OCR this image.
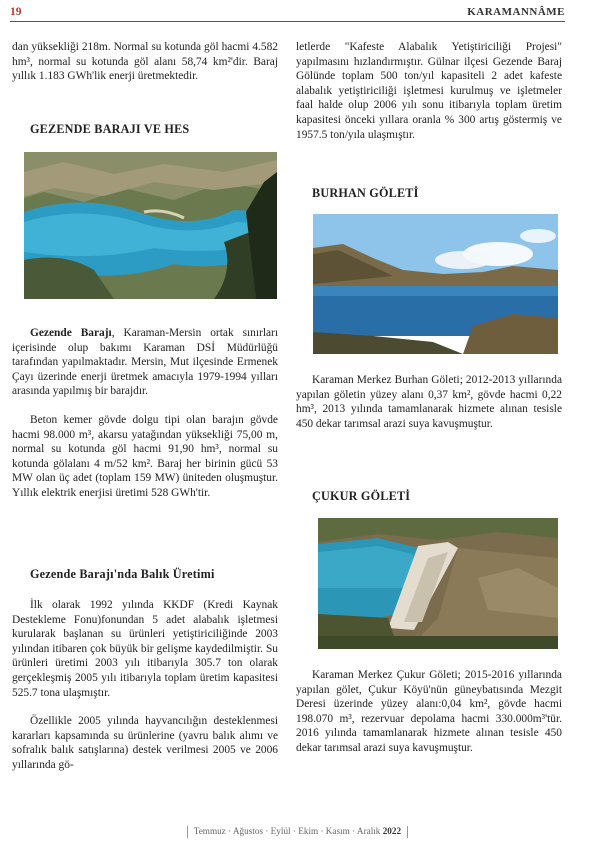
19	KARAMANNÂME

dan yüksekliği 218m. Normal su kotunda göl hacmi 4.582 hm³, normal su kotunda göl alanı 58,74 km²'dir. Baraj yıllık 1.183 GWh'lik enerji üretmektedir.

GEZENDE BARAJI VE HES

Gezende Barajı, Karaman-Mersin ortak sınırları içerisinde olup bakımı Karaman DSİ Müdürlüğü tarafından yapılmaktadır. Mersin, Mut ilçesinde Ermenek Çayı üzerinde enerji üretmek amacıyla 1979-1994 yılları arasında yapılmış bir barajdır.

Beton kemer gövde dolgu tipi olan barajın gövde hacmi 98.000 m³, akarsu yatağından yüksekliği 75,00 m, normal su kotunda göl hacmi 91,90 hm³, normal su kotunda gölalanı 4 m/52 km². Baraj her birinin gücü 53 MW olan üç adet (toplam 159 MW) üniteden oluşmuştur. Yıllık elektrik enerjisi üretimi 528 GWh'tir.

Gezende Barajı'nda Balık Üretimi

İlk olarak 1992 yılında KKDF (Kredi Kaynak Destekleme Fonu)fonundan 5 adet alabalık işletmesi kurularak başlanan su ürünleri yetiştiriciliğinde 2003 yılından itibaren çok büyük bir gelişme kaydedilmiştir. Su ürünleri üretimi 2003 yılı itibarıyla 305.7 ton olarak gerçekleşmiş 2005 yılı itibarıyla toplam üretim kapasitesi 525.7 tona ulaşmıştır.

Özellikle 2005 yılında hayvancılığın desteklenmesi kararları kapsamında su ürünlerine (yavru balık alımı ve sofralık balık satışlarına) destek verilmesi 2005 ve 2006 yıllarında gö-

letlerde "Kafeste Alabalık Yetiştiriciliği Projesi" yapılmasını hızlandırmıştır. Gülnar ilçesi Gezende Baraj Gölünde toplam 500 ton/yıl kapasiteli 2 adet kafeste alabalık yetiştiriciliği işletmesi kurulmuş ve işletmeler faal halde olup 2006 yılı sonu itibarıyla toplam üretim kapasitesi önceki yıllara oranla % 300 artış göstermiş ve 1957.5 ton/yıla ulaşmıştır.

BURHAN GÖLETİ

Karaman Merkez Burhan Göleti; 2012-2013 yıllarında yapılan göletin yüzey alanı 0,37 km², gövde hacmi 0,22 hm³, 2013 yılında tamamlanarak hizmete alınan tesisle 450 dekar tarımsal arazi suya kavuşmuştur.

ÇUKUR GÖLETİ

Karaman Merkez Çukur Göleti; 2015-2016 yıllarında yapılan gölet, Çukur Köyü'nün güneybatısında Mezgit Deresi üzerinde yüzey alanı:0,04 km², gövde hacmi 198.070 m³, rezervuar depolama hacmi 330.000m³'tür. 2016 yılında tamamlanarak hizmete alınan tesisle 450 dekar tarımsal arazi suya kavuşmuştur.

Temmuz · Ağustos · Eylül · Ekim · Kasım · Aralık 2022
